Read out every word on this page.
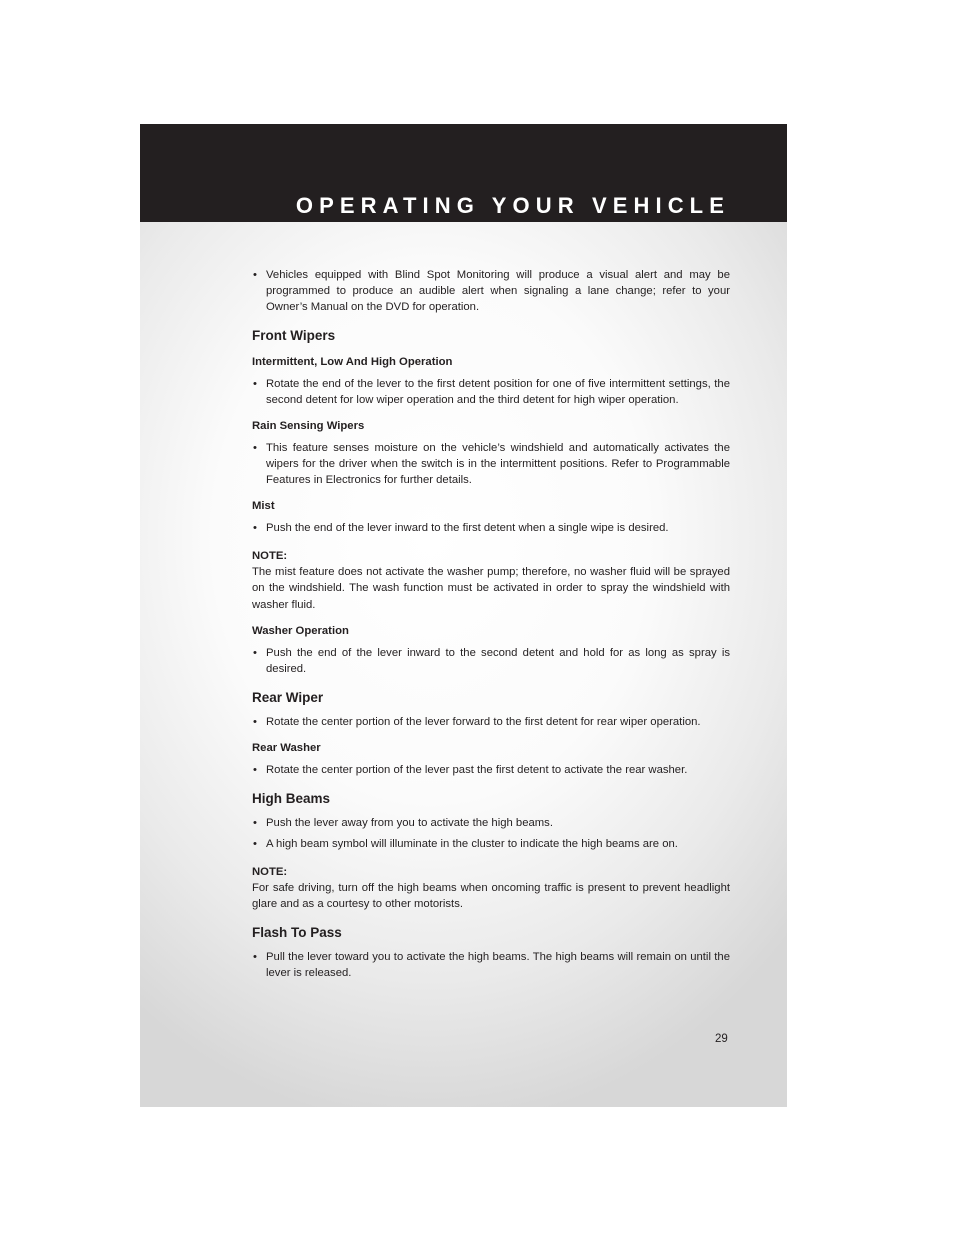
OPERATING YOUR VEHICLE
• Vehicles equipped with Blind Spot Monitoring will produce a visual alert and may be programmed to produce an audible alert when signaling a lane change; refer to your Owner’s Manual on the DVD for operation.
Front Wipers
Intermittent, Low And High Operation
• Rotate the end of the lever to the first detent position for one of five intermittent settings, the second detent for low wiper operation and the third detent for high wiper operation.
Rain Sensing Wipers
• This feature senses moisture on the vehicle’s windshield and automatically activates the wipers for the driver when the switch is in the intermittent positions. Refer to Programmable Features in Electronics for further details.
Mist
• Push the end of the lever inward to the first detent when a single wipe is desired.
NOTE:
The mist feature does not activate the washer pump; therefore, no washer fluid will be sprayed on the windshield. The wash function must be activated in order to spray the windshield with washer fluid.
Washer Operation
• Push the end of the lever inward to the second detent and hold for as long as spray is desired.
Rear Wiper
• Rotate the center portion of the lever forward to the first detent for rear wiper operation.
Rear Washer
• Rotate the center portion of the lever past the first detent to activate the rear washer.
High Beams
• Push the lever away from you to activate the high beams.
• A high beam symbol will illuminate in the cluster to indicate the high beams are on.
NOTE:
For safe driving, turn off the high beams when oncoming traffic is present to prevent headlight glare and as a courtesy to other motorists.
Flash To Pass
• Pull the lever toward you to activate the high beams. The high beams will remain on until the lever is released.
29
